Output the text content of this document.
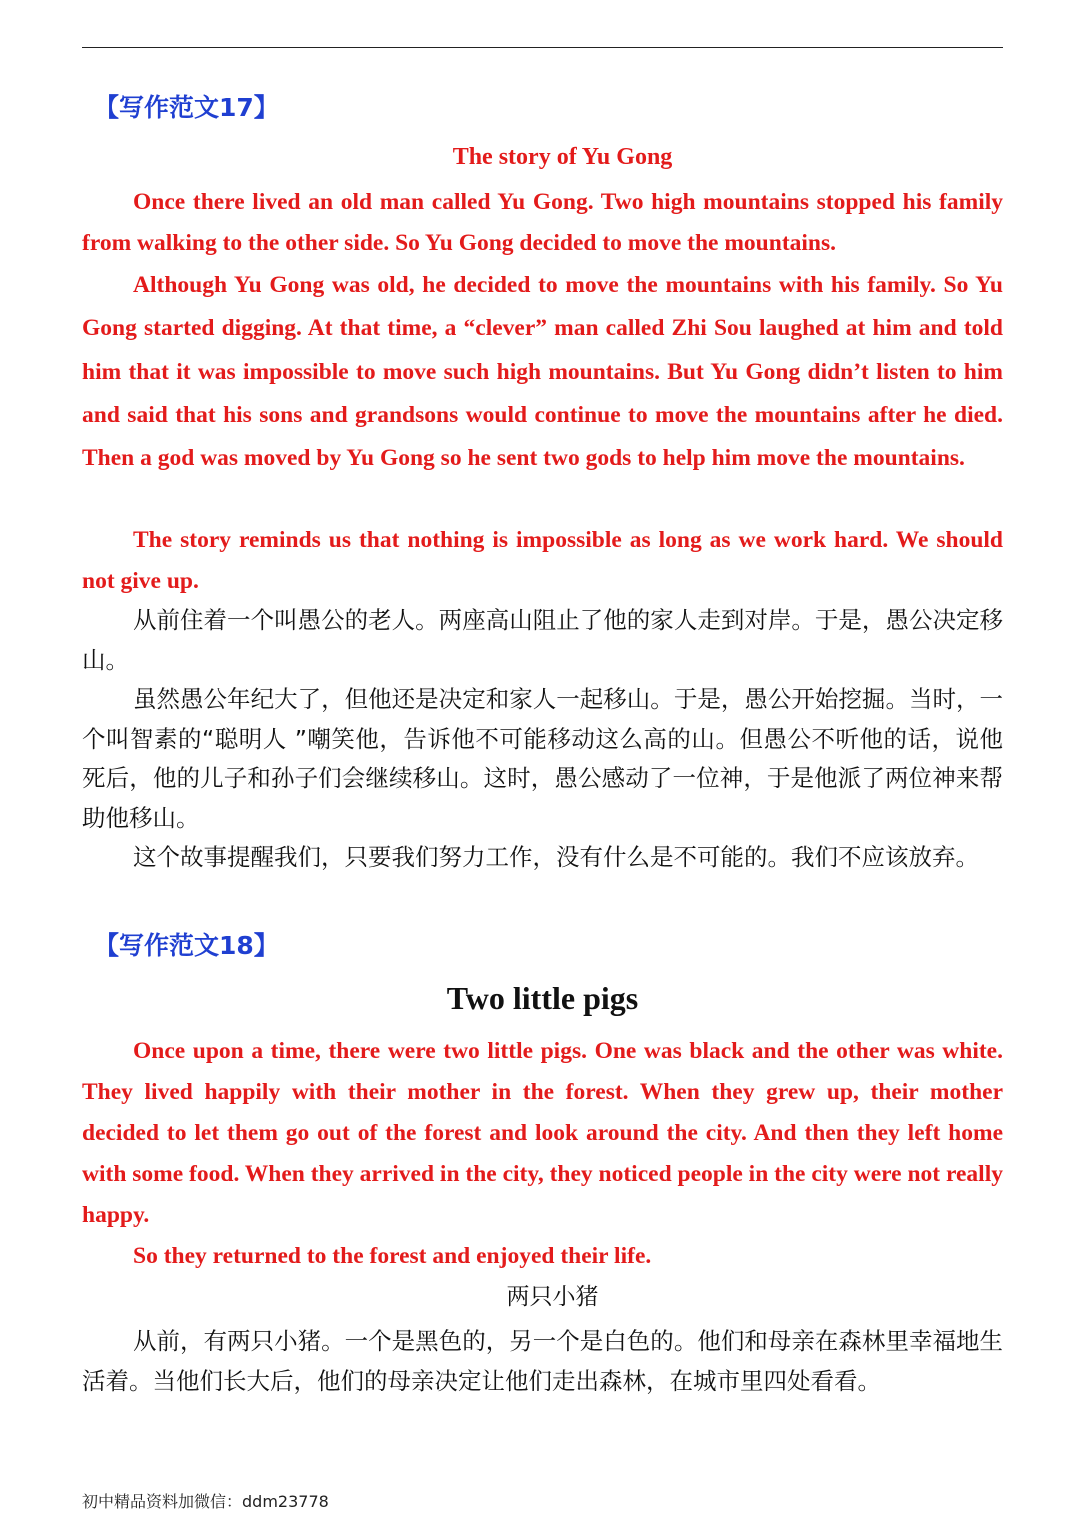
【写作范文17】
The story of Yu Gong

Once there lived an old man called Yu Gong. Two high mountains stopped his family from walking to the other side. So Yu Gong decided to move the mountains.

Although Yu Gong was old, he decided to move the mountains with his family. So Yu Gong started digging. At that time, a “clever” man called Zhi Sou laughed at him and told him that it was impossible to move such high mountains. But Yu Gong didn’t listen to him and said that his sons and grandsons would continue to move the mountains after he died. Then a god was moved by Yu Gong so he sent two gods to help him move the mountains.

The story reminds us that nothing is impossible as long as we work hard. We should not give up.

从前住着一个叫愚公的老人。两座高山阻止了他的家人走到对岸。于是，愚公决定移山。

虽然愚公年纪大了，但他还是决定和家人一起移山。于是，愚公开始挖掘。当时，一个叫智素的“聪明人 ”嘲笑他，告诉他不可能移动这么高的山。但愚公不听他的话，说他死后，他的儿子和孙子们会继续移山。这时，愚公感动了一位神，于是他派了两位神来帮助他移山。

这个故事提醒我们，只要我们努力工作，没有什么是不可能的。我们不应该放弃。

【写作范文18】
Two little pigs

Once upon a time, there were two little pigs. One was black and the other was white. They lived happily with their mother in the forest. When they grew up, their mother decided to let them go out of the forest and look around the city. And then they left home with some food. When they arrived in the city, they noticed people in the city were not really happy.

So they returned to the forest and enjoyed their life.

两只小猪

从前，有两只小猪。一个是黑色的，另一个是白色的。他们和母亲在森林里幸福地生活着。当他们长大后，他们的母亲决定让他们走出森林，在城市里四处看看。

初中精品资料加微信：ddm23778
